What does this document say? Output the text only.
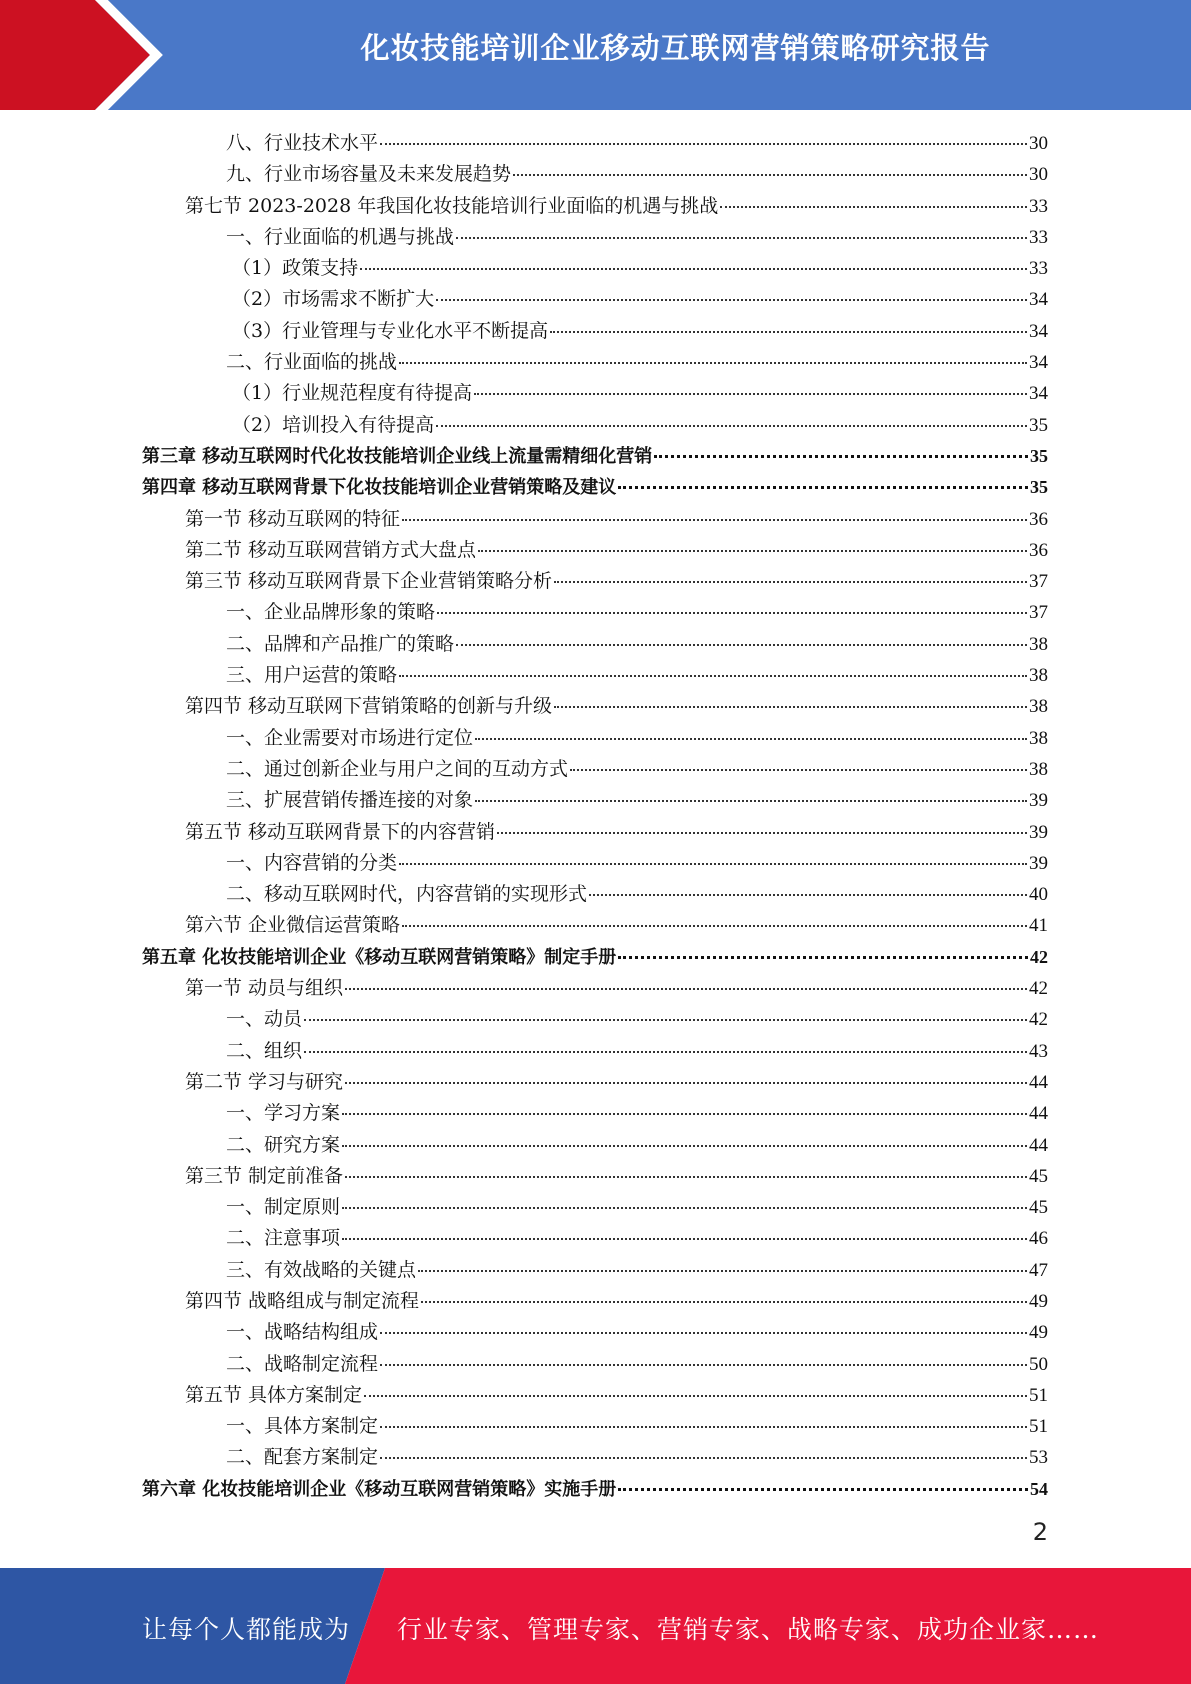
化妆技能培训企业移动互联网营销策略研究报告
八、行业技术水平	30
九、行业市场容量及未来发展趋势	30
第七节 2023-2028 年我国化妆技能培训行业面临的机遇与挑战	33
一、行业面临的机遇与挑战	33
（1）政策支持	33
（2）市场需求不断扩大	34
（3）行业管理与专业化水平不断提高	34
二、行业面临的挑战	34
（1）行业规范程度有待提高	34
（2）培训投入有待提高	35
第三章 移动互联网时代化妆技能培训企业线上流量需精细化营销	35
第四章 移动互联网背景下化妆技能培训企业营销策略及建议	35
第一节 移动互联网的特征	36
第二节 移动互联网营销方式大盘点	36
第三节 移动互联网背景下企业营销策略分析	37
一、企业品牌形象的策略	37
二、品牌和产品推广的策略	38
三、用户运营的策略	38
第四节 移动互联网下营销策略的创新与升级	38
一、企业需要对市场进行定位	38
二、通过创新企业与用户之间的互动方式	38
三、扩展营销传播连接的对象	39
第五节 移动互联网背景下的内容营销	39
一、内容营销的分类	39
二、移动互联网时代，内容营销的实现形式	40
第六节 企业微信运营策略	41
第五章 化妆技能培训企业《移动互联网营销策略》制定手册	42
第一节 动员与组织	42
一、动员	42
二、组织	43
第二节 学习与研究	44
一、学习方案	44
二、研究方案	44
第三节 制定前准备	45
一、制定原则	45
二、注意事项	46
三、有效战略的关键点	47
第四节 战略组成与制定流程	49
一、战略结构组成	49
二、战略制定流程	50
第五节 具体方案制定	51
一、具体方案制定	51
二、配套方案制定	53
第六章 化妆技能培训企业《移动互联网营销策略》实施手册	54
2
让每个人都能成为 行业专家、管理专家、营销专家、战略专家、成功企业家……
